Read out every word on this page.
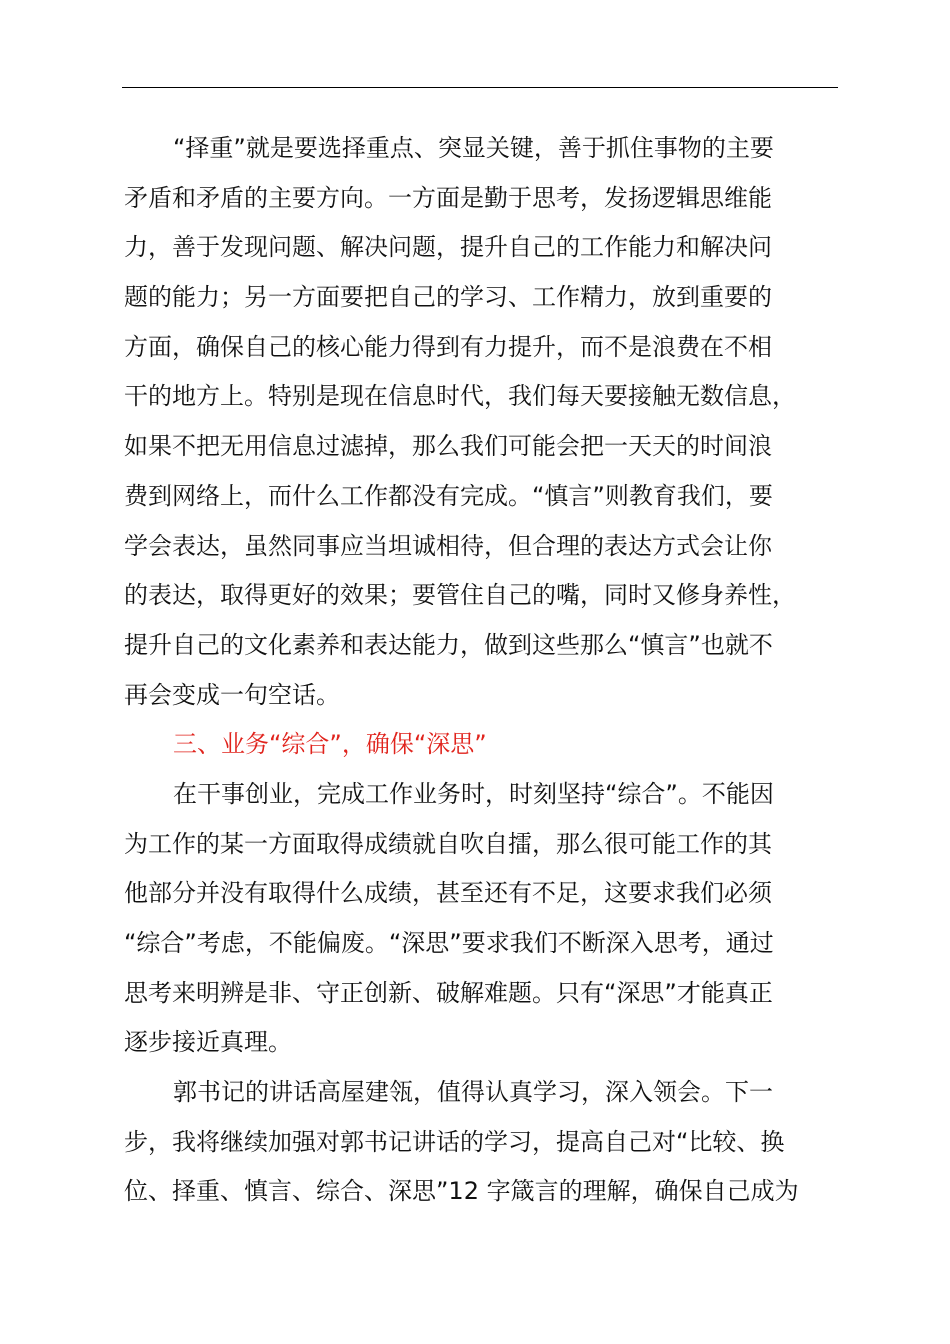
“择重”就是要选择重点、突显关键，善于抓住事物的主要
矛盾和矛盾的主要方向。一方面是勤于思考，发扬逻辑思维能
力，善于发现问题、解决问题，提升自己的工作能力和解决问
题的能力；另一方面要把自己的学习、工作精力，放到重要的
方面，确保自己的核心能力得到有力提升，而不是浪费在不相
干的地方上。特别是现在信息时代，我们每天要接触无数信息，
如果不把无用信息过滤掉，那么我们可能会把一天天的时间浪
费到网络上，而什么工作都没有完成。“慎言”则教育我们，要
学会表达，虽然同事应当坦诚相待，但合理的表达方式会让你
的表达，取得更好的效果；要管住自己的嘴，同时又修身养性，
提升自己的文化素养和表达能力，做到这些那么“慎言”也就不
再会变成一句空话。
三、业务“综合”，确保“深思”
在干事创业，完成工作业务时，时刻坚持“综合”。不能因
为工作的某一方面取得成绩就自吹自擂，那么很可能工作的其
他部分并没有取得什么成绩，甚至还有不足，这要求我们必须
“综合”考虑，不能偏废。“深思”要求我们不断深入思考，通过
思考来明辨是非、守正创新、破解难题。只有“深思”才能真正
逐步接近真理。
郭书记的讲话高屋建瓴，值得认真学习，深入领会。下一
步，我将继续加强对郭书记讲话的学习，提高自己对“比较、换
位、择重、慎言、综合、深思”12 字箴言的理解，确保自己成为
